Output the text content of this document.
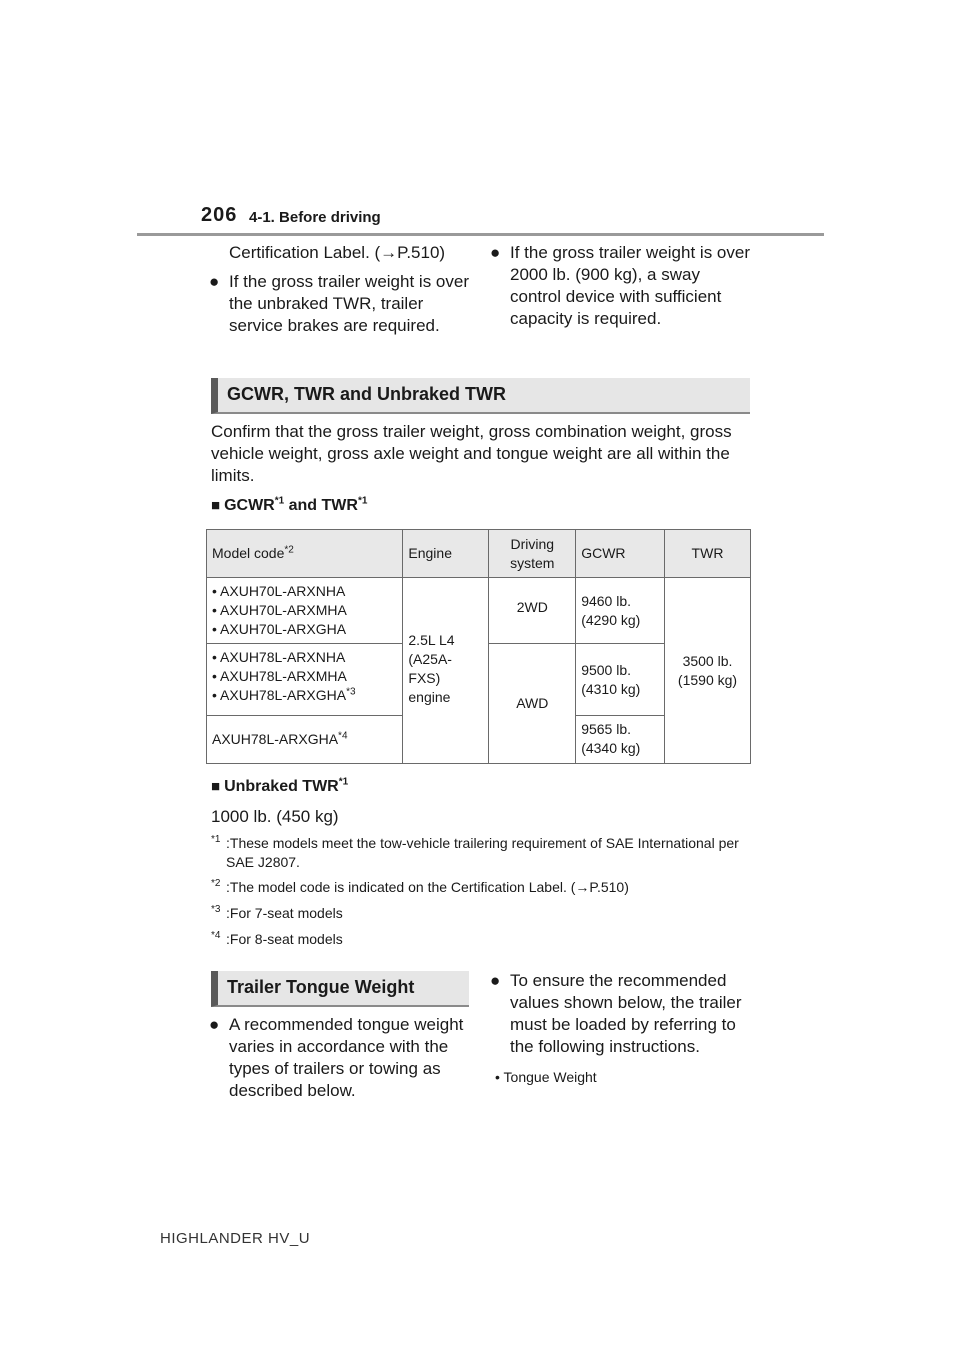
206 4-1. Before driving
Certification Label. (→P.510)
● If the gross trailer weight is over the unbraked TWR, trailer service brakes are required.
● If the gross trailer weight is over 2000 lb. (900 kg), a sway control device with sufficient capacity is required.
GCWR, TWR and Unbraked TWR
Confirm that the gross trailer weight, gross combination weight, gross vehicle weight, gross axle weight and tongue weight are all within the limits.
■ GCWR$^{*1}$ and TWR$^{*1}$
Model code$^{*2}$	Engine	Driving system	GCWR	TWR

• AXUH70L-ARXNHA
• AXUH70L-ARXMHA
• AXUH70L-ARXGHA	2.5L L4 (A25A-FXS) engine	2WD	9460 lb. (4290 kg)	3500 lb. (1590 kg)

• AXUH78L-ARXNHA
• AXUH78L-ARXMHA
• AXUH78L-ARXGHA$^{*3}$		AWD	9500 lb. (4310 kg)	
AXUH78L-ARXGHA$^{*4}$			9565 lb. (4340 kg)	
■ Unbraked TWR$^{*1}$
1000 lb. (450 kg)
*1 :These models meet the tow-vehicle trailering requirement of SAE International per SAE J2807.
*2 :The model code is indicated on the Certification Label. (→P.510)
*3 :For 7-seat models
*4 :For 8-seat models
Trailer Tongue Weight
● A recommended tongue weight varies in accordance with the types of trailers or towing as described below.
● To ensure the recommended values shown below, the trailer must be loaded by referring to the following instructions.
• Tongue Weight
HIGHLANDER HV_U
